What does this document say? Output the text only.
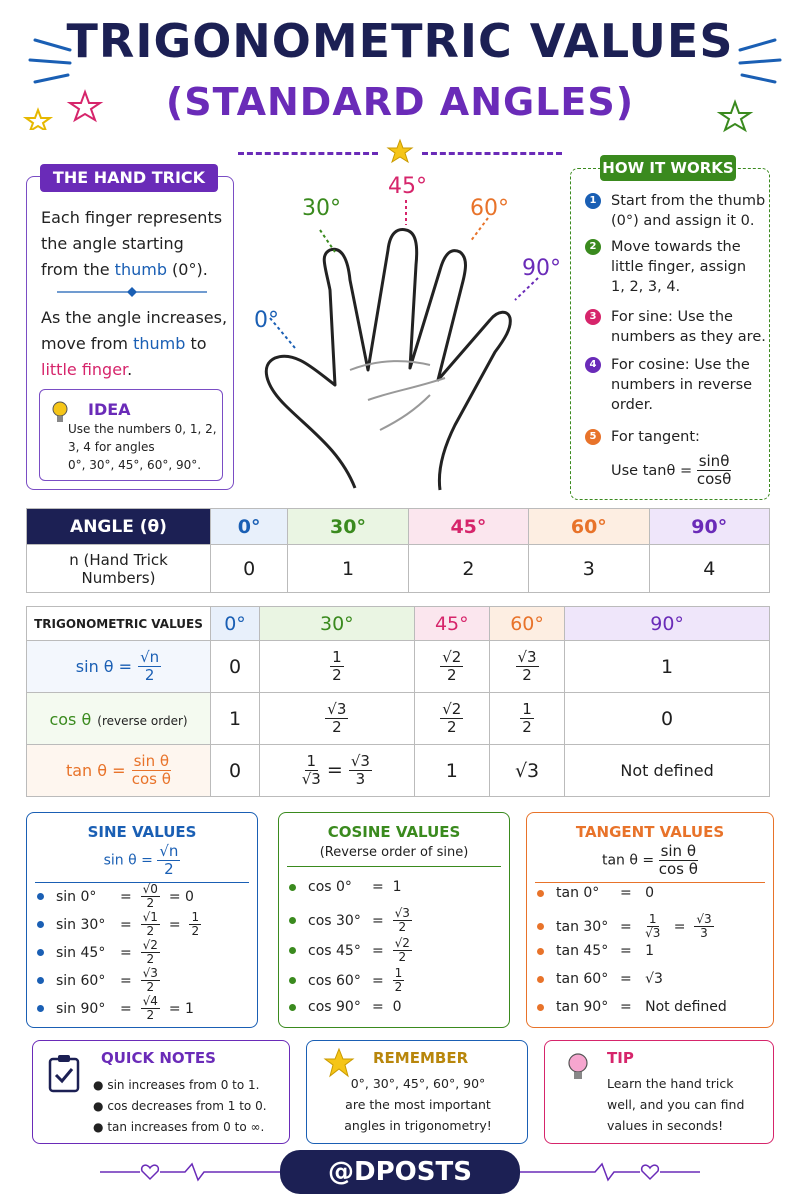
TRIGONOMETRIC VALUES
(STANDARD ANGLES)
Each finger represents
the angle starting
from the thumb (0°).
As the angle increases,
move from thumb to
little finger.
IDEA
Use the numbers 0, 1, 2,
3, 4 for angles
0°, 30°, 45°, 60°, 90°.
THE HAND TRICK
0°
30°
45°
60°
90°
1	Start from the thumb
(0°) and assign it 0.
2	Move towards the
little finger, assign
1, 2, 3, 4.
3	For sine: Use the
numbers as they are.
4	For cosine: Use the
numbers in reverse
order.
5	For tangent:
Use tanθ =
$\frac{\sin\theta}{\cos\theta}$
HOW IT WORKS
ANGLE (θ)	0°	30°	45°	60°	90°
n (Hand Trick Numbers)	0	1	2	3	4
TRIGONOMETRIC VALUES	0°	30°	45°	60°	90°
$\sin \theta = \frac{√n}{2}$	0	$\frac{1}{2}$	$\frac{√2}{2}$	$\frac{√3}{2}$	1
cos θ (reverse order)	1	$\frac{√3}{2}$	$\frac{√2}{2}$	$\frac{1}{2}$	0
$\tan \theta = \frac{\text{sin θ}}{\text{cos θ}}$	0	$\frac{1}{√3} = \frac{√3}{3}$	1	√3	Not defined
SINE VALUES
$\sin \theta = \frac{√n}{2}$
sin 0°	= $\frac{√0}{2}$
= 0
sin 30°	= $\frac{√1}{2} = \frac{1}{2}$
sin 45°	= $\frac{√2}{2}$
sin 60°	= $\frac{√3}{2}$
sin 90°	= $\frac{√4}{2}$
= 1
COSINE VALUES
(Reverse order of sine)
cos 0°	= 1
$\cos 30^\circ = \frac{√3}{2}$
$\cos 45^\circ = \frac{√2}{2}$
$\cos 60^\circ = \frac{1}{2}$
cos 90° = 0
TANGENT VALUES
$\tan \theta = \frac{\text{sin θ}}{\text{cos θ}}$
tan 0°	= 0
$\tan 30^\circ = \frac{1}{√3} = \frac{√3}{3}$
tan 45° = 1
tan 60° = √3
tan 90° = Not defined
QUICK NOTES
● sin increases from 0 to 1.
● cos decreases from 1 to 0.
● tan increases from 0 to ∞.
REMEMBER
0°, 30°, 45°, 60°, 90°
are the most important
angles in trigonometry!
TIP
Learn the hand trick
well, and you can find
values in seconds!
@DPOSTS
